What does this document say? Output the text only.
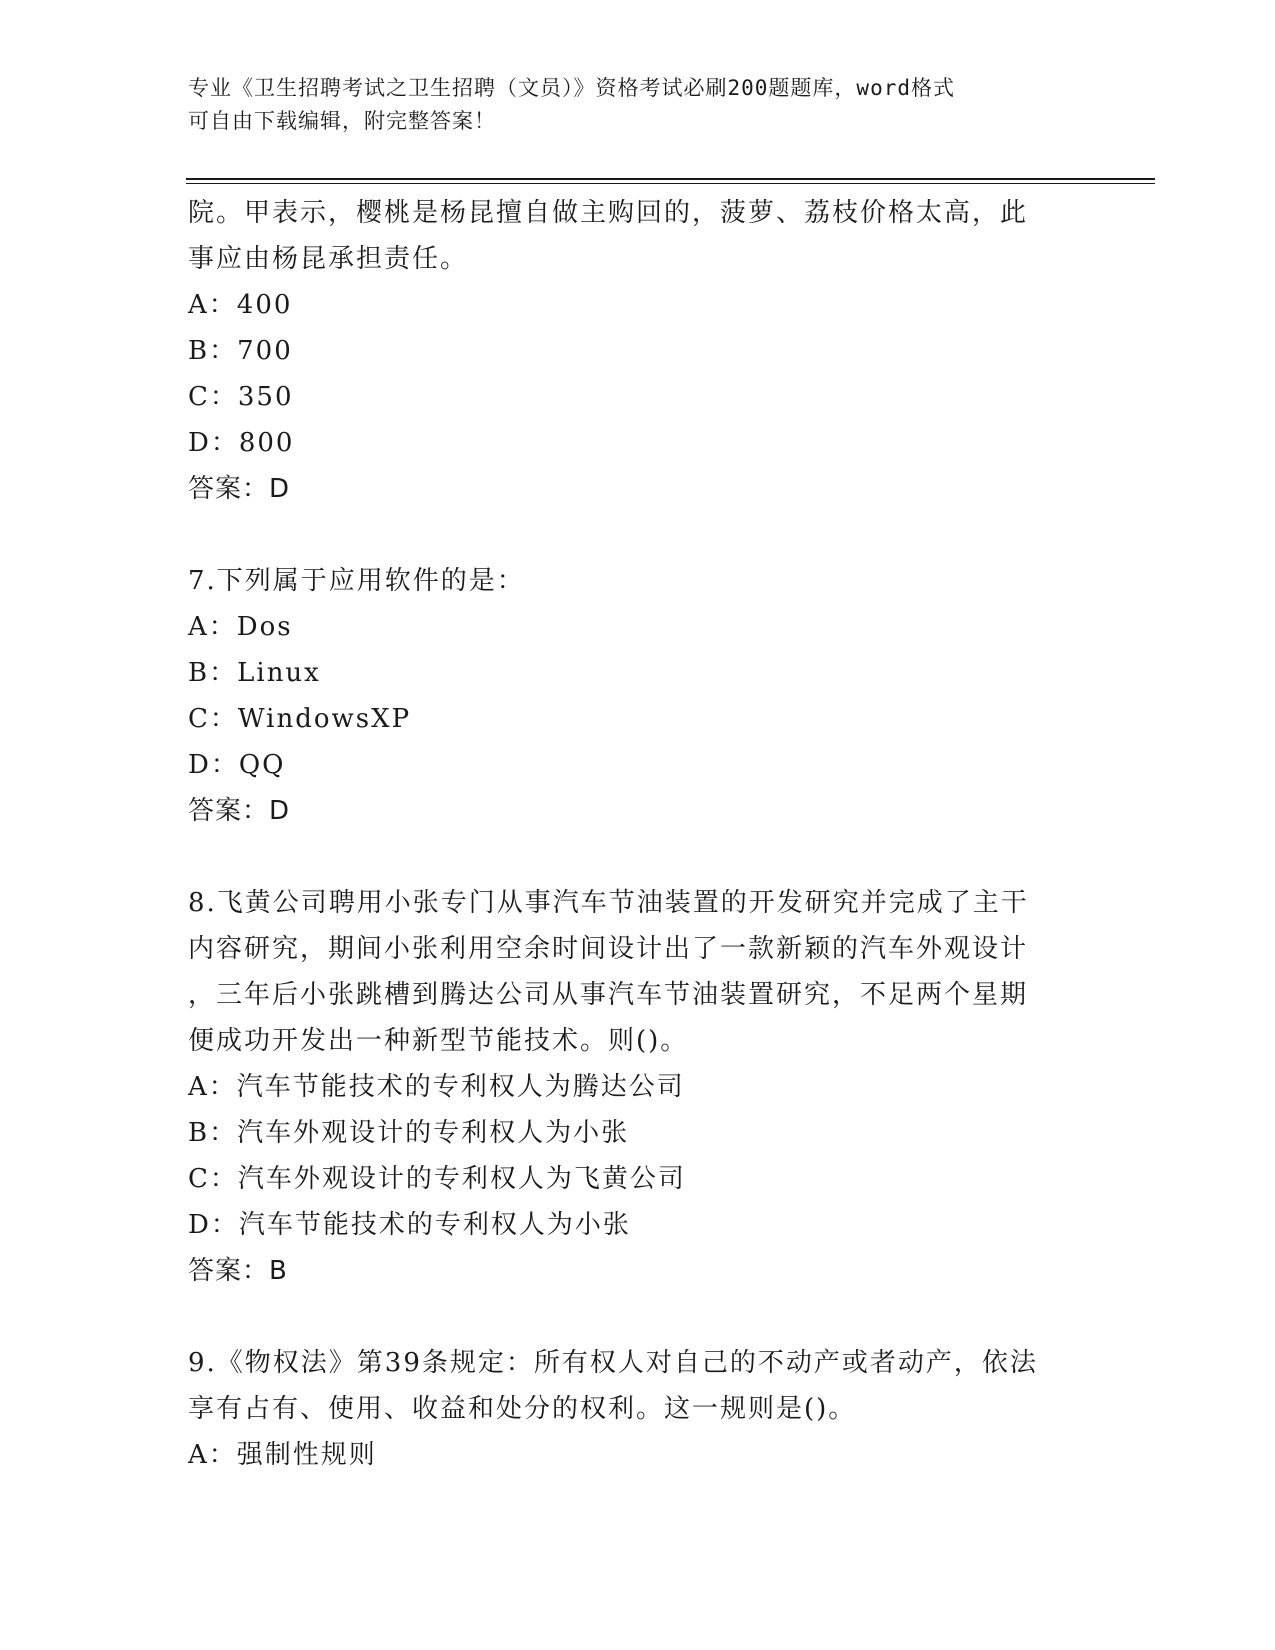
专业《卫生招聘考试之卫生招聘（文员）》资格考试必刷200题题库，word格式
可自由下载编辑，附完整答案！
院。甲表示，樱桃是杨昆擅自做主购回的，菠萝、荔枝价格太高，此
事应由杨昆承担责任。
A：400
B：700
C：350
D：800
答案：D
7.下列属于应用软件的是：
A：Dos
B：Linux
C：WindowsXP
D：QQ
答案：D
8.飞黄公司聘用小张专门从事汽车节油装置的开发研究并完成了主干
内容研究，期间小张利用空余时间设计出了一款新颖的汽车外观设计
，三年后小张跳槽到腾达公司从事汽车节油装置研究，不足两个星期
便成功开发出一种新型节能技术。则()。
A：汽车节能技术的专利权人为腾达公司
B：汽车外观设计的专利权人为小张
C：汽车外观设计的专利权人为飞黄公司
D：汽车节能技术的专利权人为小张
答案：B
9.《物权法》第39条规定：所有权人对自己的不动产或者动产，依法
享有占有、使用、收益和处分的权利。这一规则是()。
A：强制性规则
